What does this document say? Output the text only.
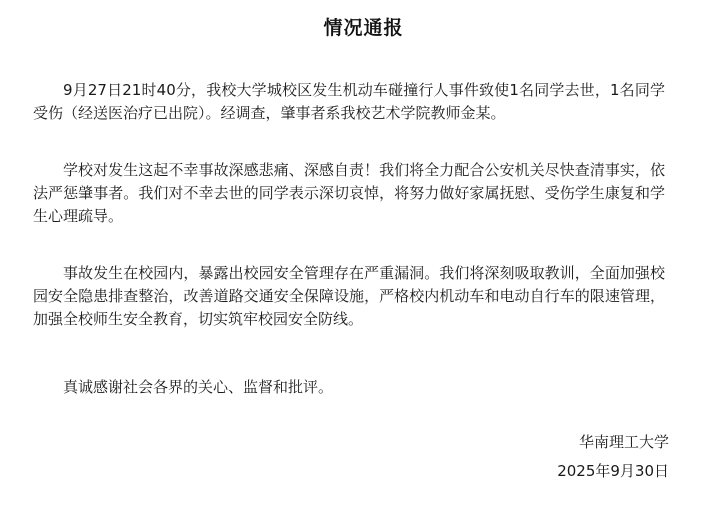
情况通报

9月27日21时40分，我校大学城校区发生机动车碰撞行人事件致使1名同学去世，1名同学受伤（经送医治疗已出院）。经调查，肇事者系我校艺术学院教师金某。

学校对发生这起不幸事故深感悲痛、深感自责！我们将全力配合公安机关尽快查清事实，依法严惩肇事者。我们对不幸去世的同学表示深切哀悼，将努力做好家属抚慰、受伤学生康复和学生心理疏导。

事故发生在校园内，暴露出校园安全管理存在严重漏洞。我们将深刻吸取教训，全面加强校园安全隐患排查整治，改善道路交通安全保障设施，严格校内机动车和电动自行车的限速管理，加强全校师生安全教育，切实筑牢校园安全防线。

真诚感谢社会各界的关心、监督和批评。

华南理工大学
2025年9月30日
